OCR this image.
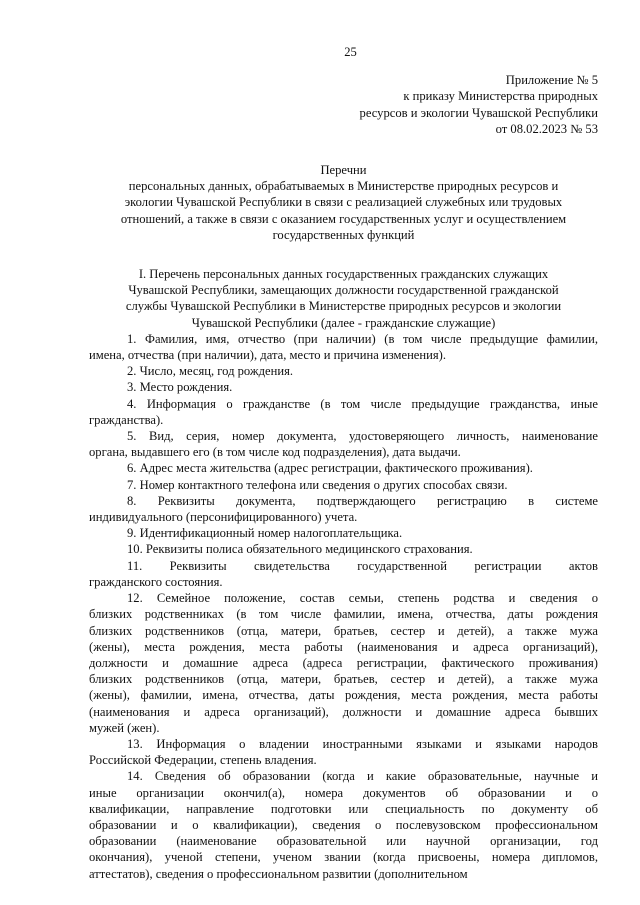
25
Приложение № 5
к приказу Министерства природных
ресурсов и экологии Чувашской Республики
от 08.02.2023 № 53
Перечни
персональных данных, обрабатываемых в Министерстве природных ресурсов и
экологии Чувашской Республики в связи с реализацией служебных или трудовых
отношений, а также в связи с оказанием государственных услуг и осуществлением
государственных функций
I. Перечень персональных данных государственных гражданских служащих
Чувашской Республики, замещающих должности государственной гражданской
службы Чувашской Республики в Министерстве природных ресурсов и экологии
Чувашской Республики (далее - гражданские служащие)
1. Фамилия, имя, отчество (при наличии) (в том числе предыдущие фамилии,
имена, отчества (при наличии), дата, место и причина изменения).
2. Число, месяц, год рождения.
3. Место рождения.
4. Информация о гражданстве (в том числе предыдущие гражданства, иные
гражданства).
5. Вид, серия, номер документа, удостоверяющего личность, наименование
органа, выдавшего его (в том числе код подразделения), дата выдачи.
6. Адрес места жительства (адрес регистрации, фактического проживания).
7. Номер контактного телефона или сведения о других способах связи.
8. Реквизиты документа, подтверждающего регистрацию в системе
индивидуального (персонифицированного) учета.
9. Идентификационный номер налогоплательщика.
10. Реквизиты полиса обязательного медицинского страхования.
11. Реквизиты свидетельства государственной регистрации актов
гражданского состояния.
12. Семейное положение, состав семьи, степень родства и сведения о
близких родственниках (в том числе фамилии, имена, отчества, даты рождения
близких родственников (отца, матери, братьев, сестер и детей), а также мужа
(жены), места рождения, места работы (наименования и адреса организаций),
должности и домашние адреса (адреса регистрации, фактического проживания)
близких родственников (отца, матери, братьев, сестер и детей), а также мужа
(жены), фамилии, имена, отчества, даты рождения, места рождения, места работы
(наименования и адреса организаций), должности и домашние адреса бывших
мужей (жен).
13. Информация о владении иностранными языками и языками народов
Российской Федерации, степень владения.
14. Сведения об образовании (когда и какие образовательные, научные и
иные организации окончил(а), номера документов об образовании и о
квалификации, направление подготовки или специальность по документу об
образовании и о квалификации), сведения о послевузовском профессиональном
образовании (наименование образовательной или научной организации, год
окончания), ученой степени, ученом звании (когда присвоены, номера дипломов,
аттестатов), сведения о профессиональном развитии (дополнительном
